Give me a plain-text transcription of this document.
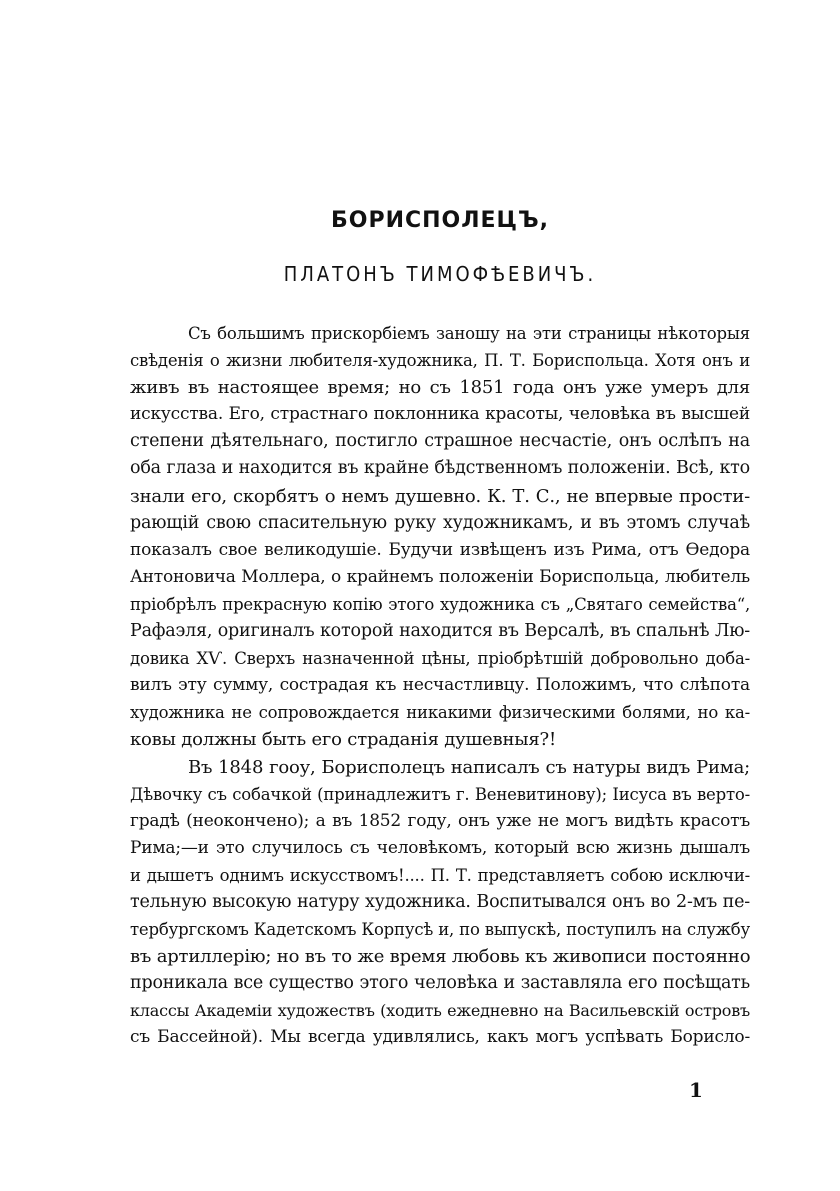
БОРИСПОЛЕЦЪ,
ПЛАТОНЪ ТИМОФѢЕВИЧЪ.
Съ большимъ прискорбіемъ заношу на эти страницы нѣкоторыя
свѣденія о жизни любителя-художника, П. Т. Бориспольца. Хотя онъ и
живъ въ настоящее время; но съ 1851 года онъ уже умеръ для
искусства. Его, страстнаго поклонника красоты, человѣка въ высшей
степени дѣятельнаго, постигло страшное несчастіе, онъ ослѣпъ на
оба глаза и находится въ крайне бѣдственномъ положеніи. Всѣ, кто
знали его, скорбятъ о немъ душевно. К. Т. С., не впервые прости-
рающій свою спасительную руку художникамъ, и въ этомъ случаѣ
показалъ свое великодушіе. Будучи извѣщенъ изъ Рима, отъ Ѳедора
Антоновича Моллера, о крайнемъ положеніи Бориспольца, любитель
пріобрѣлъ прекрасную копію этого художника съ „Святаго семейства“,
Рафаэля, оригиналъ которой находится въ Версалѣ, въ спальнѣ Лю-
довика XѴ. Сверхъ назначенной цѣны, пріобрѣтшій добровольно доба-
вилъ эту сумму, сострадая къ несчастливцу. Положимъ, что слѣпота
художника не сопровождается никакими физическими болями, но ка-
ковы должны быть его страданія душевныя?!
Въ 1848 гooу, Борисполецъ написалъ съ натуры видъ Рима;
Дѣвочку съ собачкой (принадлежитъ г. Веневитинову); Іисуса въ верто-
градѣ (неокончено); а въ 1852 году, онъ уже не могъ видѣть красотъ
Рима;—и это случилось съ человѣкомъ, который всю жизнь дышалъ
и дышетъ однимъ искусствомъ!.... П. Т. представляетъ собою исключи-
тельную высокую натуру художника. Воспитывался онъ во 2-мъ пе-
тербургскомъ Кадетскомъ Корпусѣ и, по выпускѣ, поступилъ на службу
въ артиллерію; но въ то же время любовь къ живописи постоянно
проникала все существо этого человѣка и заставляла его посѣщать
классы Академіи художествъ (ходить ежедневно на Васильевскій островъ
съ Бассейной). Мы всегда удивлялись, какъ могъ успѣвать Борисло-
1
